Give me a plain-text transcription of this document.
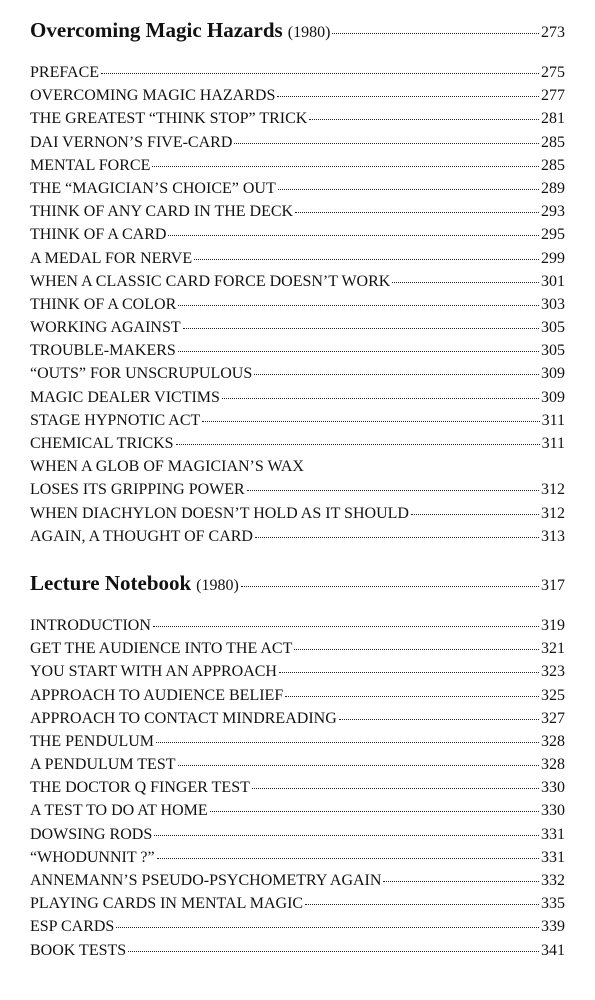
Overcoming Magic Hazards (1980)	273
PREFACE	275
OVERCOMING MAGIC HAZARDS	277
THE GREATEST “THINK STOP” TRICK	281
DAI VERNON’S FIVE-CARD	285
MENTAL FORCE	285
THE “MAGICIAN’S CHOICE” OUT	289
THINK OF ANY CARD IN THE DECK	293
THINK OF A CARD	295
A MEDAL FOR NERVE	299
WHEN A CLASSIC CARD FORCE DOESN’T WORK	301
THINK OF A COLOR	303
WORKING AGAINST	305
TROUBLE-MAKERS	305
“OUTS” FOR UNSCRUPULOUS	309
MAGIC DEALER VICTIMS	309
STAGE HYPNOTIC ACT	311
CHEMICAL TRICKS	311
WHEN A GLOB OF MAGICIAN’S WAX
LOSES ITS GRIPPING POWER	312
WHEN DIACHYLON DOESN’T HOLD AS IT SHOULD	312
AGAIN, A THOUGHT OF CARD	313
Lecture Notebook (1980)	317
INTRODUCTION	319
GET THE AUDIENCE INTO THE ACT	321
YOU START WITH AN APPROACH	323
APPROACH TO AUDIENCE BELIEF	325
APPROACH TO CONTACT MINDREADING	327
THE PENDULUM	328
A PENDULUM TEST	328
THE DOCTOR Q FINGER TEST	330
A TEST TO DO AT HOME	330
DOWSING RODS	331
“WHODUNNIT ?”	331
ANNEMANN’S PSEUDO-PSYCHOMETRY AGAIN	332
PLAYING CARDS IN MENTAL MAGIC	335
ESP CARDS	339
BOOK TESTS	341
